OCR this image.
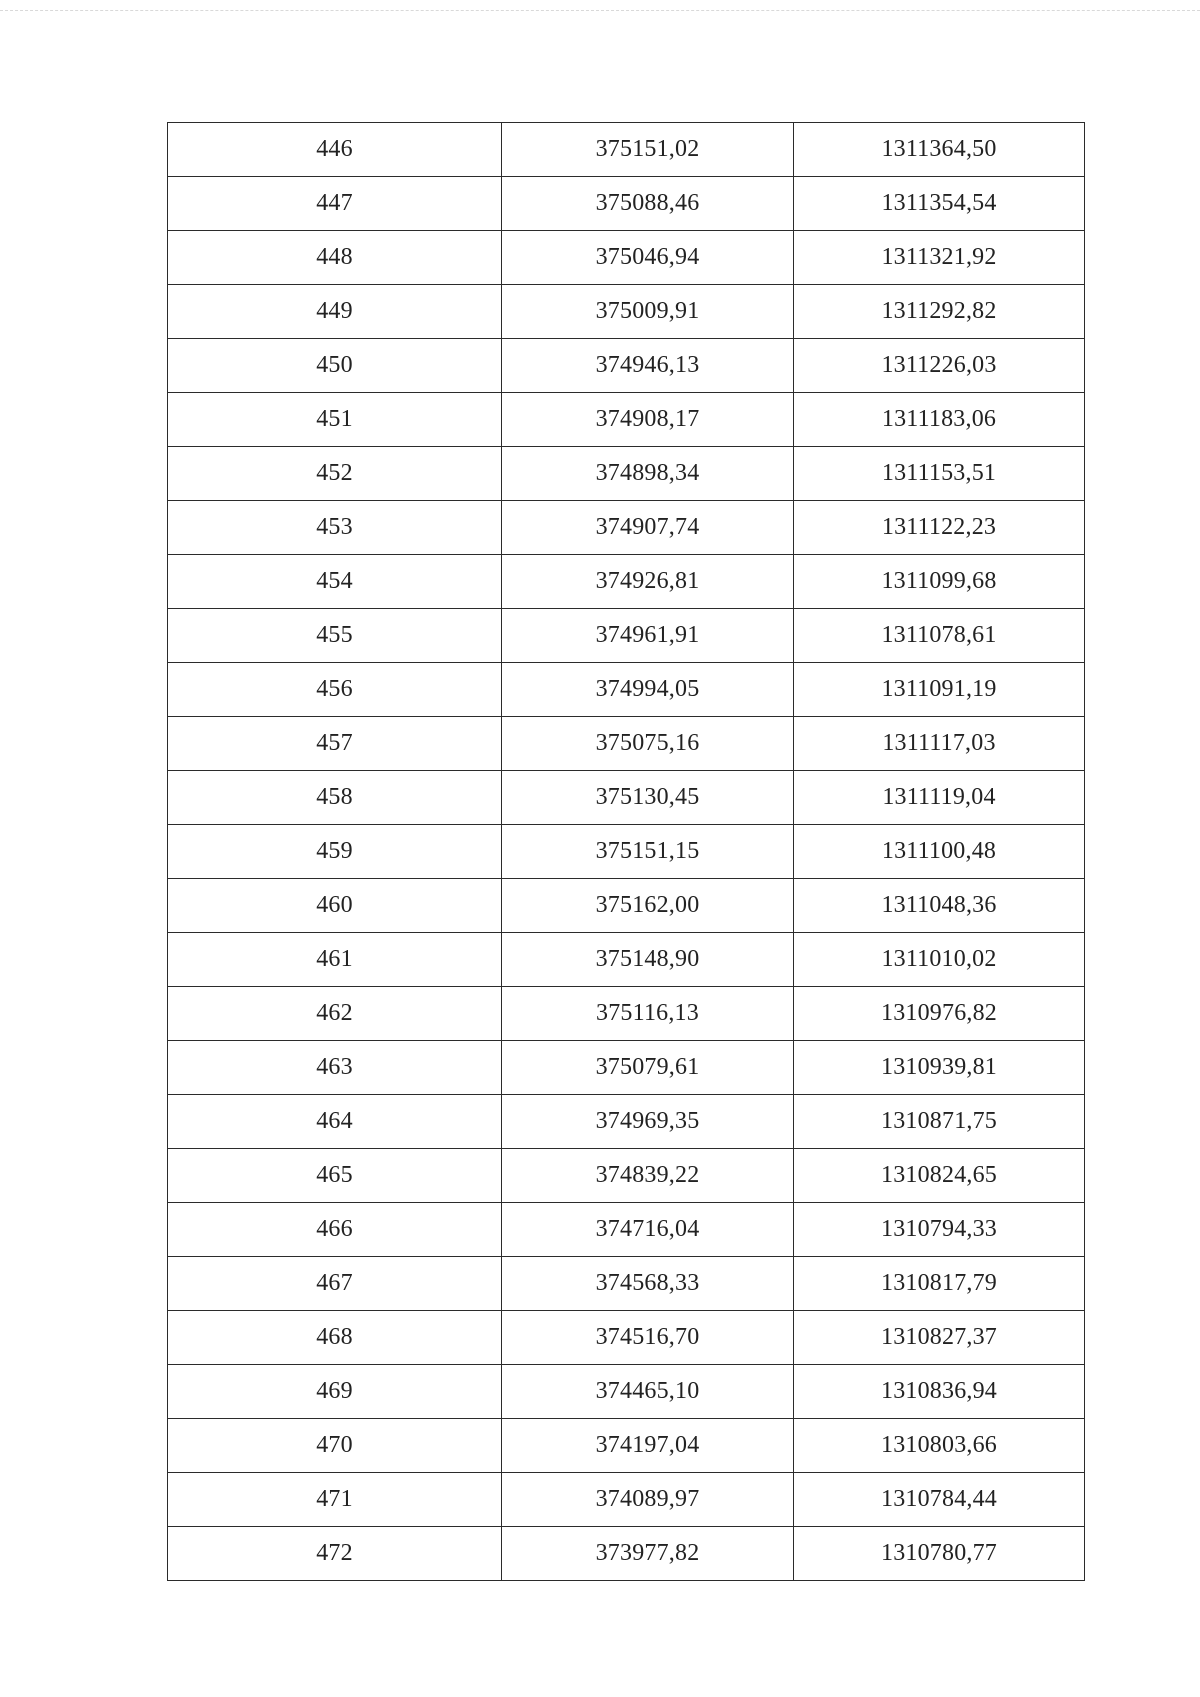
446	375151,02	1311364,50
447	375088,46	1311354,54
448	375046,94	1311321,92
449	375009,91	1311292,82
450	374946,13	1311226,03
451	374908,17	1311183,06
452	374898,34	1311153,51
453	374907,74	1311122,23
454	374926,81	1311099,68
455	374961,91	1311078,61
456	374994,05	1311091,19
457	375075,16	1311117,03
458	375130,45	1311119,04
459	375151,15	1311100,48
460	375162,00	1311048,36
461	375148,90	1311010,02
462	375116,13	1310976,82
463	375079,61	1310939,81
464	374969,35	1310871,75
465	374839,22	1310824,65
466	374716,04	1310794,33
467	374568,33	1310817,79
468	374516,70	1310827,37
469	374465,10	1310836,94
470	374197,04	1310803,66
471	374089,97	1310784,44
472	373977,82	1310780,77
